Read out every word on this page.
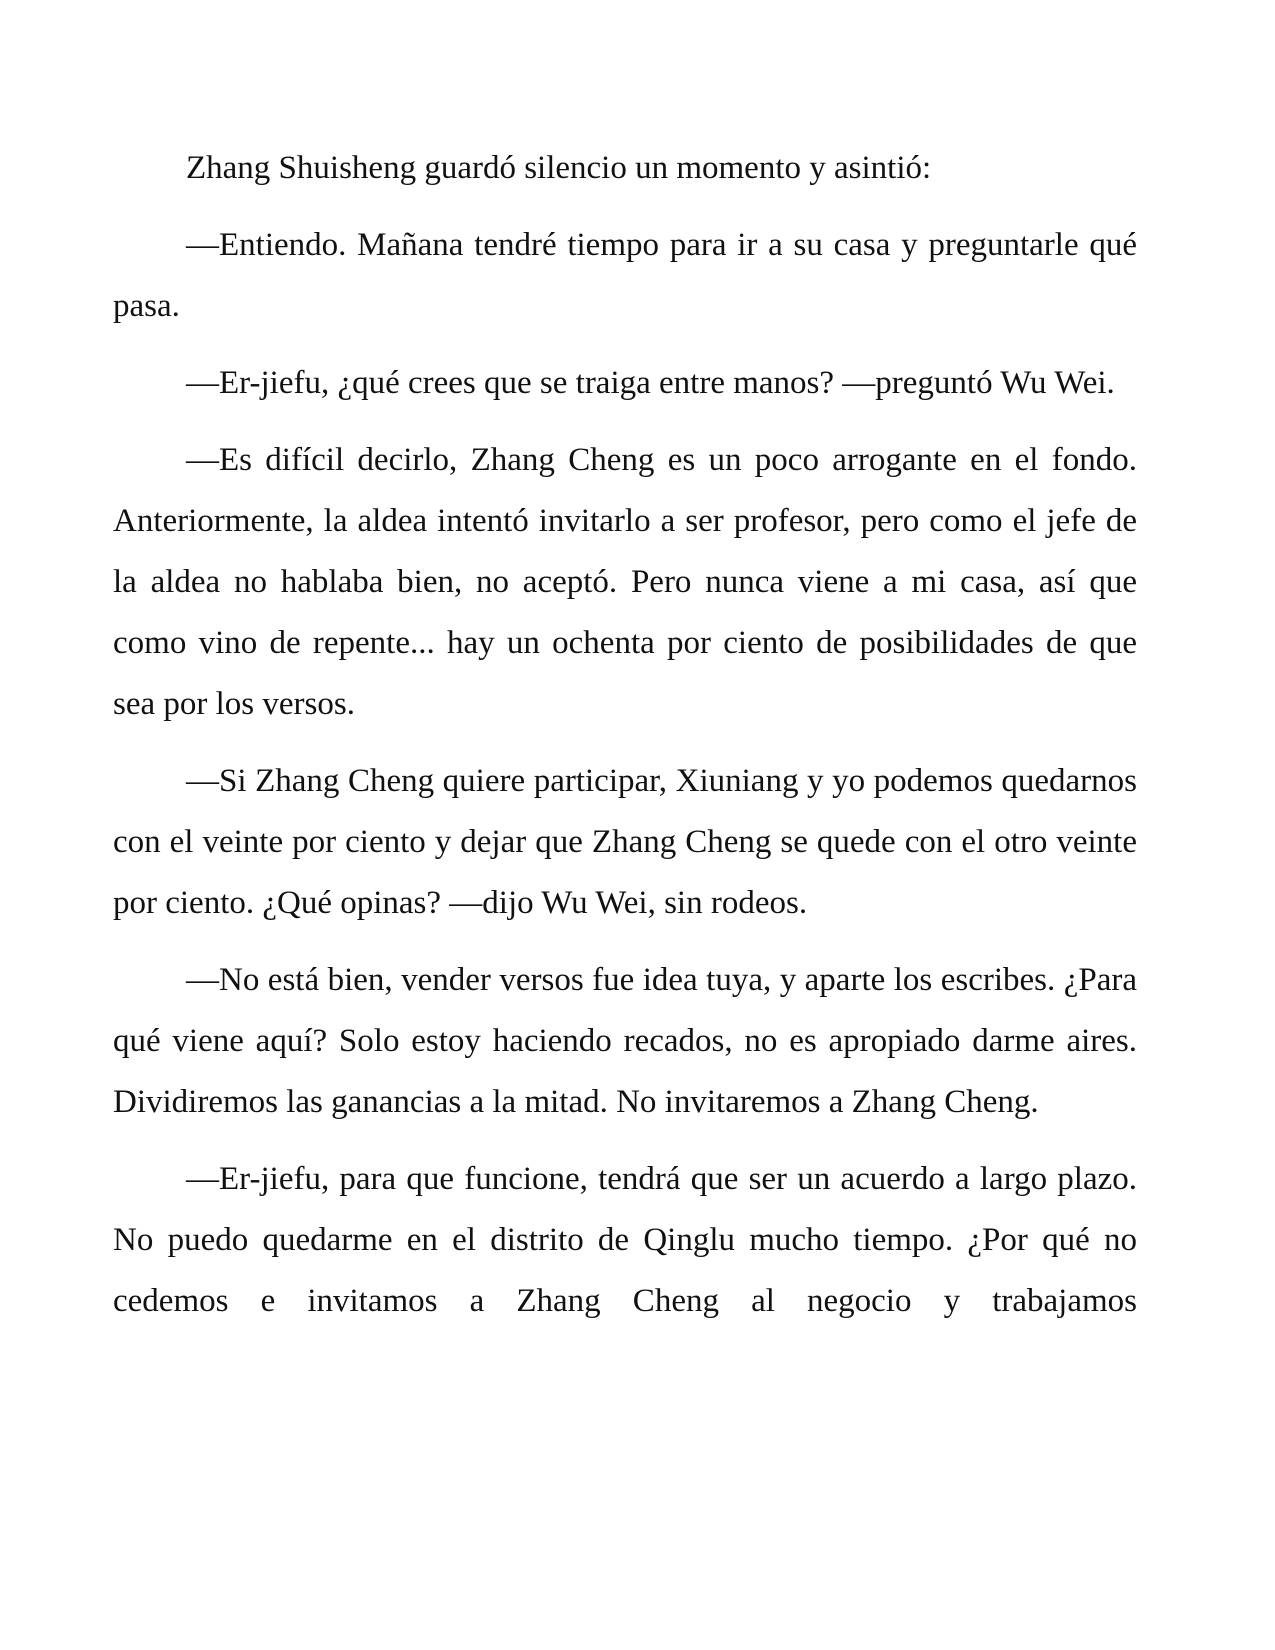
Zhang Shuisheng guardó silencio un momento y asintió:

—Entiendo. Mañana tendré tiempo para ir a su casa y preguntarle qué pasa.

—Er-jiefu, ¿qué crees que se traiga entre manos? —preguntó Wu Wei.

—Es difícil decirlo, Zhang Cheng es un poco arrogante en el fondo. Anteriormente, la aldea intentó invitarlo a ser profesor, pero como el jefe de la aldea no hablaba bien, no aceptó. Pero nunca viene a mi casa, así que como vino de repente... hay un ochenta por ciento de posibilidades de que sea por los versos.

—Si Zhang Cheng quiere participar, Xiuniang y yo podemos quedarnos con el veinte por ciento y dejar que Zhang Cheng se quede con el otro veinte por ciento. ¿Qué opinas? —dijo Wu Wei, sin rodeos.

—No está bien, vender versos fue idea tuya, y aparte los escribes. ¿Para qué viene aquí? Solo estoy haciendo recados, no es apropiado darme aires. Dividiremos las ganancias a la mitad. No invitaremos a Zhang Cheng.

—Er-jiefu, para que funcione, tendrá que ser un acuerdo a largo plazo. No puedo quedarme en el distrito de Qinglu mucho tiempo. ¿Por qué no cedemos e invitamos a Zhang Cheng al negocio y trabajamos
